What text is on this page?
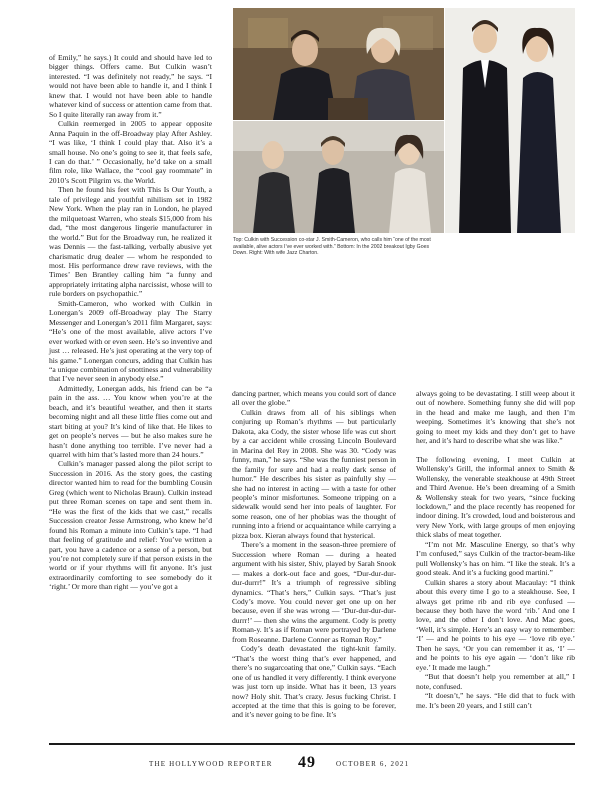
of Emily,” he says.) It could and should have led to bigger things. Offers came. But Culkin wasn’t interested. “I was definitely not ready,” he says. “I would not have been able to handle it, and I think I knew that. I would not have been able to handle whatever kind of success or attention came from that. So I quite literally ran away from it.”

Culkin reemerged in 2005 to appear opposite Anna Paquin in the off-Broadway play After Ashley. “I was like, ‘I think I could play that. Also it’s a small house. No one’s going to see it, that feels safe, I can do that.’ ” Occasionally, he’d take on a small film role, like Wallace, the “cool gay roommate” in 2010’s Scott Pilgrim vs. the World.

Then he found his feet with This Is Our Youth, a tale of privilege and youthful nihilism set in 1982 New York. When the play ran in London, he played the milquetoast Warren, who steals $15,000 from his dad, “the most dangerous lingerie manufacturer in the world.” But for the Broadway run, he realized it was Dennis — the fast-talking, verbally abusive yet charismatic drug dealer — whom he responded to most. His performance drew rave reviews, with the Times’ Ben Brantley calling him “a funny and appropriately irritating alpha narcissist, whose will to rule borders on psychopathic.”

Smith-Cameron, who worked with Culkin in Lonergan’s 2009 off-Broadway play The Starry Messenger and Lonergan’s 2011 film Margaret, says: “He’s one of the most available, alive actors I’ve ever worked with or even seen. He’s so inventive and just … released. He’s just operating at the very top of his game.” Lonergan concurs, adding that Culkin has “a unique combination of snottiness and vulnerability that I’ve never seen in anybody else.”

Admittedly, Lonergan adds, his friend can be “a pain in the ass. … You know when you’re at the beach, and it’s beautiful weather, and then it starts becoming night and all these little flies come out and start biting at you? It’s kind of like that. He likes to get on people’s nerves — but he also makes sure he hasn’t done anything too terrible. I’ve never had a quarrel with him that’s lasted more than 24 hours.”

Culkin’s manager passed along the pilot script to Succession in 2016. As the story goes, the casting director wanted him to read for the bumbling Cousin Greg (which went to Nicholas Braun). Culkin instead put three Roman scenes on tape and sent them in. “He was the first of the kids that we cast,” recalls Succession creator Jesse Armstrong, who knew he’d found his Roman a minute into Culkin’s tape. “I had that feeling of gratitude and relief: You’ve written a part, you have a cadence or a sense of a person, but you’re not completely sure if that person exists in the world or if your rhythms will fit anyone. It’s just extraordinarily comforting to see somebody do it ‘right.’ Or more than right — you’ve got a

Top: Culkin with Succession co-star J. Smith-Cameron, who calls him “one of the most available, alive actors I’ve ever worked with.” Bottom: In the 2002 breakout Igby Goes Down. Right: With wife Jazz Charton.

dancing partner, which means you could sort of dance all over the globe.”

Culkin draws from all of his siblings when conjuring up Roman’s rhythms — but particularly Dakota, aka Cody, the sister whose life was cut short by a car accident while crossing Lincoln Boulevard in Marina del Rey in 2008. She was 30. “Cody was funny, man,” he says. “She was the funniest person in the family for sure and had a really dark sense of humor.” He describes his sister as painfully shy — she had no interest in acting — with a taste for other people’s minor misfortunes. Someone tripping on a sidewalk would send her into peals of laughter. For some reason, one of her phobias was the thought of running into a friend or acquaintance while carrying a pizza box. Kieran always found that hysterical.

There’s a moment in the season-three premiere of Succession where Roman — during a heated argument with his sister, Shiv, played by Sarah Snook — makes a dork-out face and goes, “Dur-dur-dur-dur-durrr!” It’s a triumph of regressive sibling dynamics. “That’s hers,” Culkin says. “That’s just Cody’s move. You could never get one up on her because, even if she was wrong — ‘Dur-dur-dur-dur-durrr!’ — then she wins the argument. Cody is pretty Roman-y. It’s as if Roman were portrayed by Darlene from Roseanne. Darlene Conner as Roman Roy.”

Cody’s death devastated the tight-knit family. “That’s the worst thing that’s ever happened, and there’s no sugarcoating that one,” Culkin says. “Each one of us handled it very differently. I think everyone was just torn up inside. What has it been, 13 years now? Holy shit. That’s crazy. Jesus fucking Christ. I accepted at the time that this is going to be forever, and it’s never going to be fine. It’s

always going to be devastating. I still weep about it out of nowhere. Something funny she did will pop in the head and make me laugh, and then I’m weeping. Sometimes it’s knowing that she’s not going to meet my kids and they don’t get to have her, and it’s hard to describe what she was like.”

The following evening, I meet Culkin at Wollensky’s Grill, the informal annex to Smith & Wollensky, the venerable steakhouse at 49th Street and Third Avenue. He’s been dreaming of a Smith & Wollensky steak for two years, “since fucking lockdown,” and the place recently has reopened for indoor dining. It’s crowded, loud and boisterous and very New York, with large groups of men enjoying thick slabs of meat together.

“I’m not Mr. Masculine Energy, so that’s why I’m confused,” says Culkin of the tractor-beam-like pull Wollensky’s has on him. “I like the steak. It’s a good steak. And it’s a fucking good martini.”

Culkin shares a story about Macaulay: “I think about this every time I go to a steakhouse. See, I always get prime rib and rib eye confused — because they both have the word ‘rib.’ And one I love, and the other I don’t love. And Mac goes, ‘Well, it’s simple. Here’s an easy way to remember: ‘I’ — and he points to his eye — ‘love rib eye.’ Then he says, ‘Or you can remember it as, ‘I’ — and he points to his eye again — ‘don’t like rib eye.’ It made me laugh.”

“But that doesn’t help you remember at all,” I note, confused.

“It doesn’t,” he says. “He did that to fuck with me. It’s been 20 years, and I still can’t

THE HOLLYWOOD REPORTER 49	OCTOBER 6, 2021
